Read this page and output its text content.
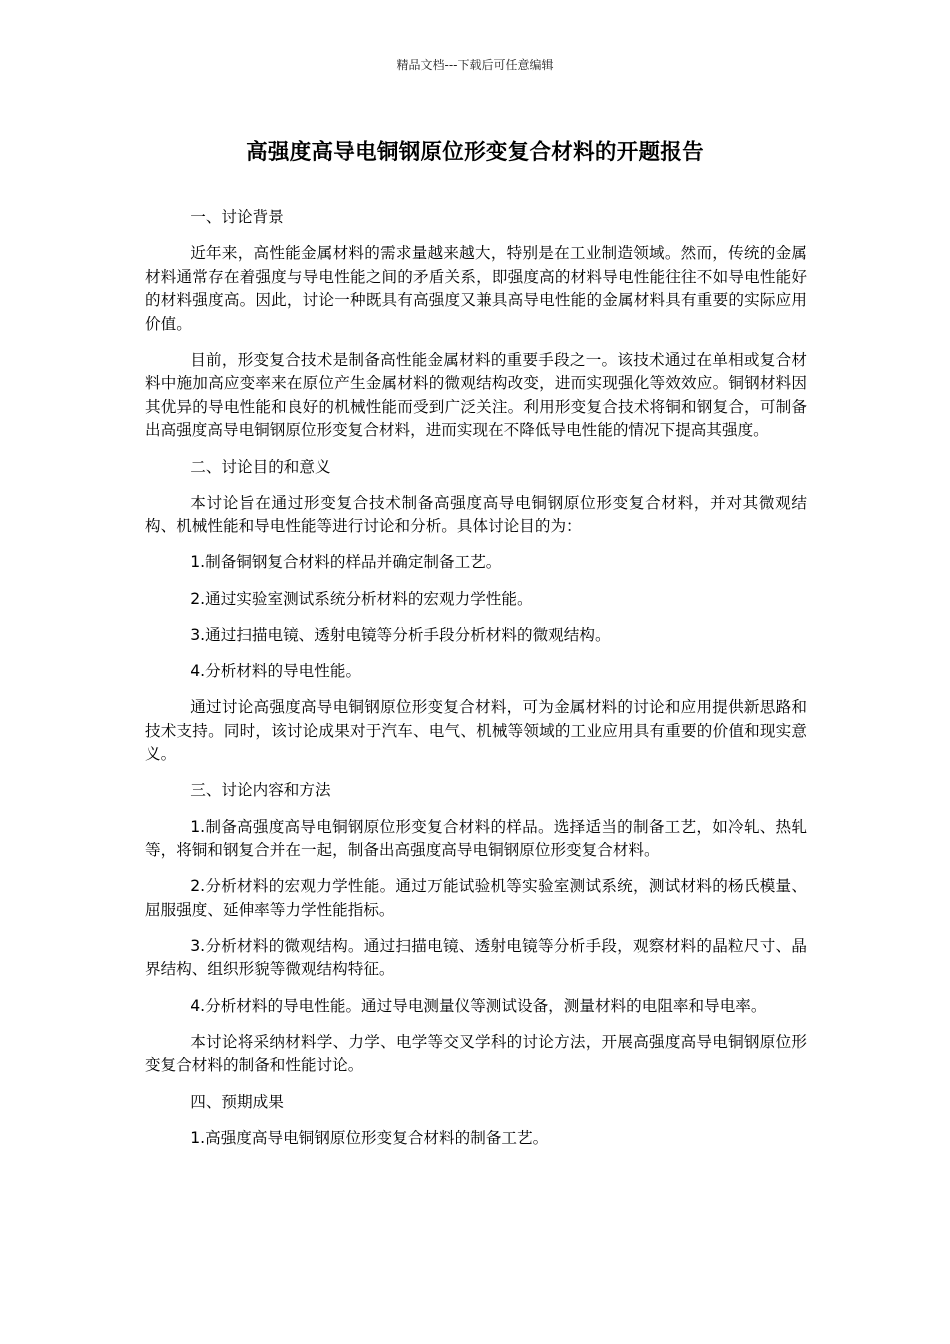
精品文档---下载后可任意编辑
高强度高导电铜钢原位形变复合材料的开题报告

一、讨论背景

近年来，高性能金属材料的需求量越来越大，特别是在工业制造领域。然而，传统的金属材料通常存在着强度与导电性能之间的矛盾关系，即强度高的材料导电性能往往不如导电性能好的材料强度高。因此，讨论一种既具有高强度又兼具高导电性能的金属材料具有重要的实际应用价值。

目前，形变复合技术是制备高性能金属材料的重要手段之一。该技术通过在单相或复合材料中施加高应变率来在原位产生金属材料的微观结构改变，进而实现强化等效效应。铜钢材料因其优异的导电性能和良好的机械性能而受到广泛关注。利用形变复合技术将铜和钢复合，可制备出高强度高导电铜钢原位形变复合材料，进而实现在不降低导电性能的情况下提高其强度。

二、讨论目的和意义

本讨论旨在通过形变复合技术制备高强度高导电铜钢原位形变复合材料，并对其微观结构、机械性能和导电性能等进行讨论和分析。具体讨论目的为：

1.制备铜钢复合材料的样品并确定制备工艺。

2.通过实验室测试系统分析材料的宏观力学性能。

3.通过扫描电镜、透射电镜等分析手段分析材料的微观结构。

4.分析材料的导电性能。

通过讨论高强度高导电铜钢原位形变复合材料，可为金属材料的讨论和应用提供新思路和技术支持。同时，该讨论成果对于汽车、电气、机械等领域的工业应用具有重要的价值和现实意义。

三、讨论内容和方法

1.制备高强度高导电铜钢原位形变复合材料的样品。选择适当的制备工艺，如冷轧、热轧等，将铜和钢复合并在一起，制备出高强度高导电铜钢原位形变复合材料。

2.分析材料的宏观力学性能。通过万能试验机等实验室测试系统，测试材料的杨氏模量、屈服强度、延伸率等力学性能指标。

3.分析材料的微观结构。通过扫描电镜、透射电镜等分析手段，观察材料的晶粒尺寸、晶界结构、组织形貌等微观结构特征。

4.分析材料的导电性能。通过导电测量仪等测试设备，测量材料的电阻率和导电率。

本讨论将采纳材料学、力学、电学等交叉学科的讨论方法，开展高强度高导电铜钢原位形变复合材料的制备和性能讨论。

四、预期成果

1.高强度高导电铜钢原位形变复合材料的制备工艺。
